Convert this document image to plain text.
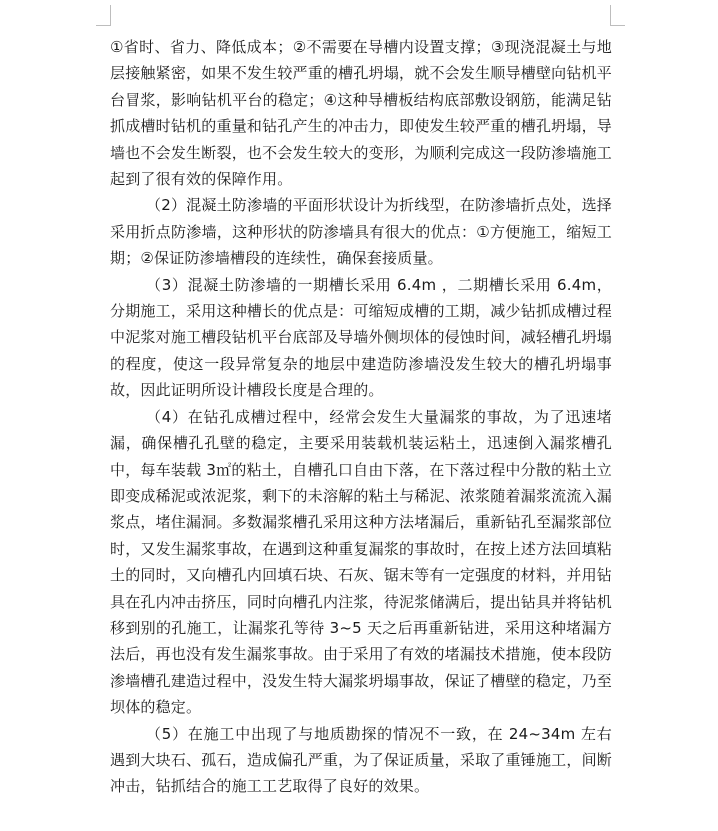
①省时、省力、降低成本；②不需要在导槽内设置支撑；③现浇混凝土与地层接触紧密，如果不发生较严重的槽孔坍塌，就不会发生顺导槽壁向钻机平台冒浆，影响钻机平台的稳定；④这种导槽板结构底部敷设钢筋，能满足钻抓成槽时钻机的重量和钻孔产生的冲击力，即使发生较严重的槽孔坍塌，导墙也不会发生断裂，也不会发生较大的变形，为顺利完成这一段防渗墙施工起到了很有效的保障作用。

（2）混凝土防渗墙的平面形状设计为折线型，在防渗墙折点处，选择采用折点防渗墙，这种形状的防渗墙具有很大的优点：①方便施工，缩短工期；②保证防渗墙槽段的连续性，确保套接质量。

（3）混凝土防渗墙的一期槽长采用 6.4m ，二期槽长采用 6.4m，分期施工，采用这种槽长的优点是：可缩短成槽的工期，减少钻抓成槽过程中泥浆对施工槽段钻机平台底部及导墙外侧坝体的侵蚀时间，减轻槽孔坍塌的程度，使这一段异常复杂的地层中建造防渗墙没发生较大的槽孔坍塌事故，因此证明所设计槽段长度是合理的。

（4）在钻孔成槽过程中，经常会发生大量漏浆的事故，为了迅速堵漏，确保槽孔孔壁的稳定，主要采用装载机装运粘土，迅速倒入漏浆槽孔中，每车装载 3㎡的粘土，自槽孔口自由下落，在下落过程中分散的粘土立即变成稀泥或浓泥浆，剩下的未溶解的粘土与稀泥、浓浆随着漏浆流流入漏浆点，堵住漏洞。多数漏浆槽孔采用这种方法堵漏后，重新钻孔至漏浆部位时，又发生漏浆事故，在遇到这种重复漏浆的事故时，在按上述方法回填粘土的同时，又向槽孔内回填石块、石灰、锯末等有一定强度的材料，并用钻具在孔内冲击挤压，同时向槽孔内注浆，待泥浆储满后，提出钻具并将钻机移到别的孔施工，让漏浆孔等待 3~5 天之后再重新钻进，采用这种堵漏方法后，再也没有发生漏浆事故。由于采用了有效的堵漏技术措施，使本段防渗墙槽孔建造过程中，没发生特大漏浆坍塌事故，保证了槽壁的稳定，乃至坝体的稳定。

（5）在施工中出现了与地质勘探的情况不一致，在 24~34m 左右遇到大块石、孤石，造成偏孔严重，为了保证质量，采取了重锤施工，间断冲击，钻抓结合的施工工艺取得了良好的效果。
